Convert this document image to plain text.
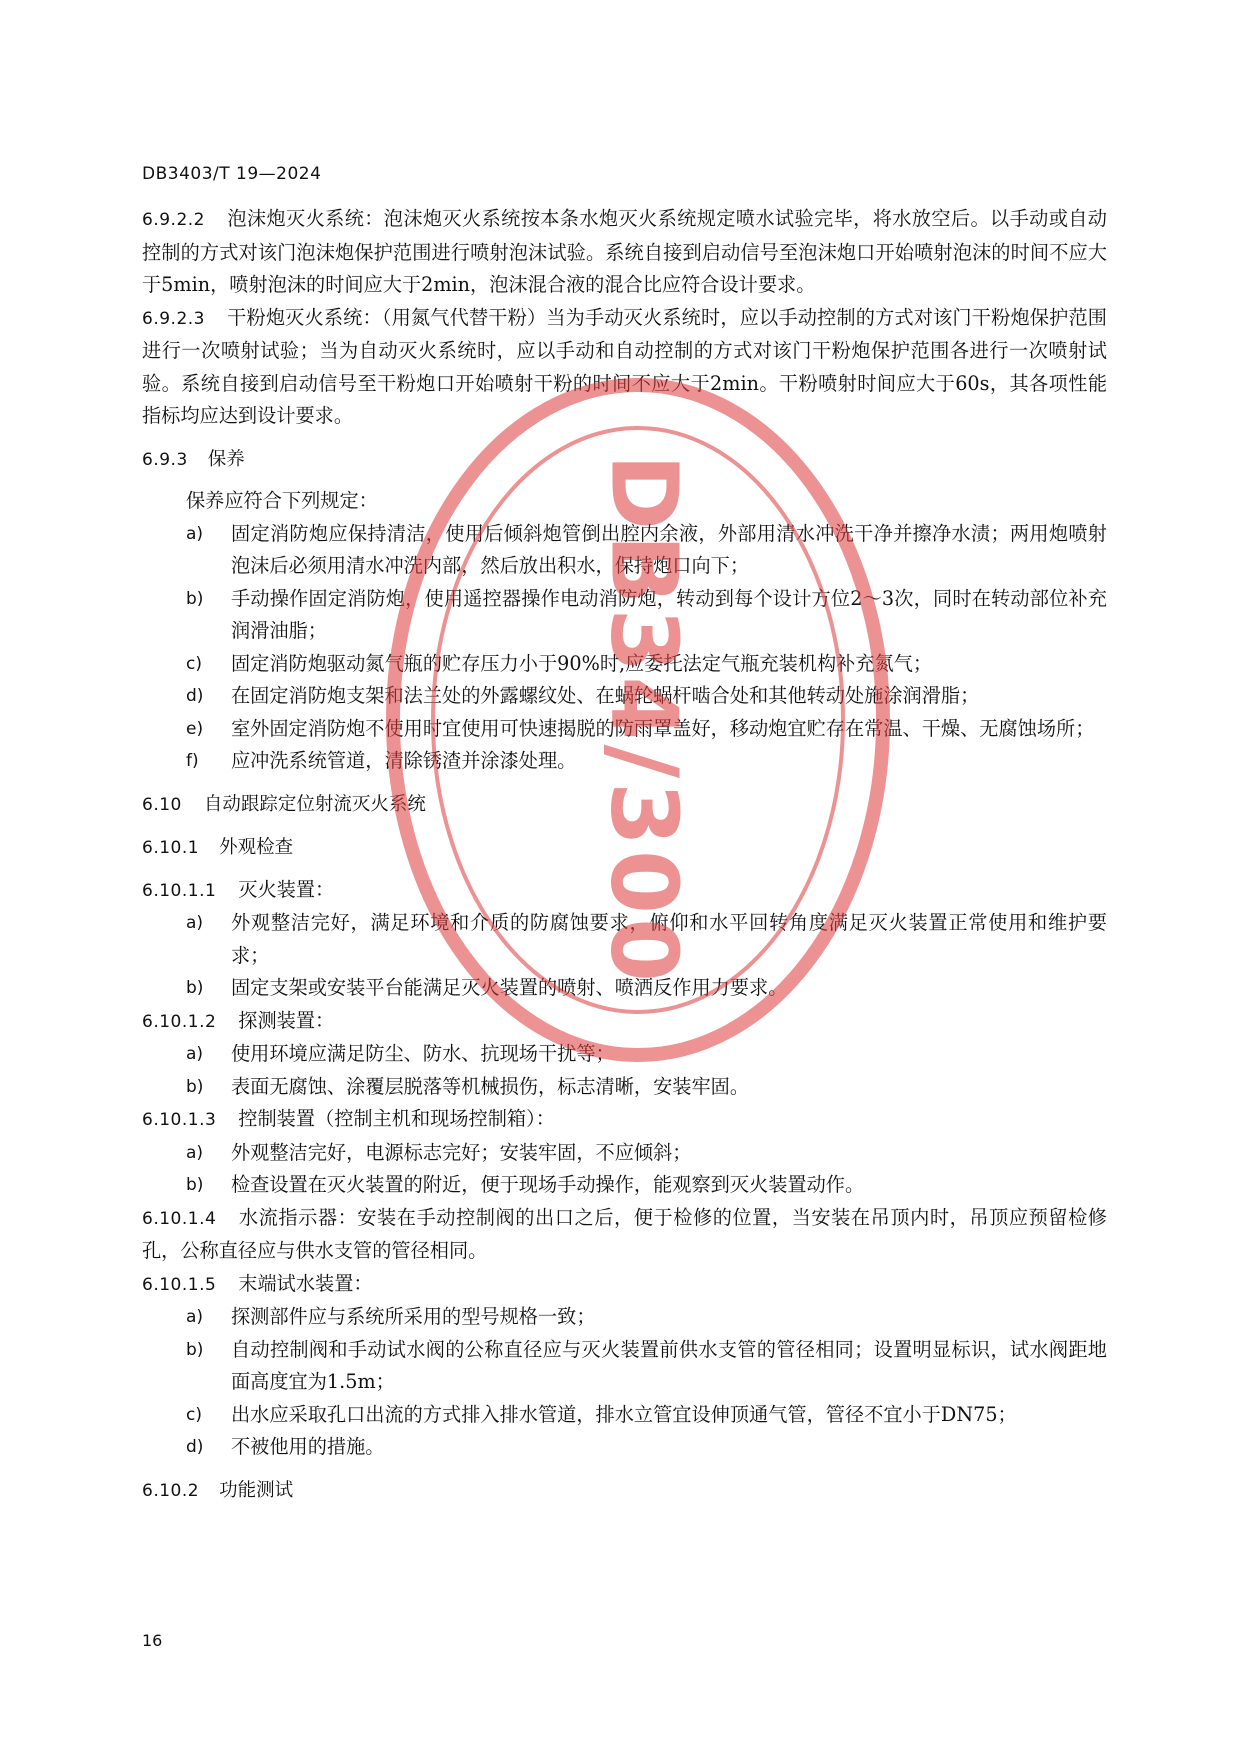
DB3403/T 19—2024

6.9.2.2 泡沫炮灭火系统：泡沫炮灭火系统按本条水炮灭火系统规定喷水试验完毕，将水放空后。以手动或自动控制的方式对该门泡沫炮保护范围进行喷射泡沫试验。系统自接到启动信号至泡沫炮口开始喷射泡沫的时间不应大于5min，喷射泡沫的时间应大于2min，泡沫混合液的混合比应符合设计要求。

6.9.2.3 干粉炮灭火系统：（用氮气代替干粉）当为手动灭火系统时，应以手动控制的方式对该门干粉炮保护范围进行一次喷射试验；当为自动灭火系统时，应以手动和自动控制的方式对该门干粉炮保护范围各进行一次喷射试验。系统自接到启动信号至干粉炮口开始喷射干粉的时间不应大于2min。干粉喷射时间应大于60s，其各项性能指标均应达到设计要求。

6.9.3 保养

保养应符合下列规定：

a)	固定消防炮应保持清洁，使用后倾斜炮管倒出腔内余液，外部用清水冲洗干净并擦净水渍；两用炮喷射泡沫后必须用清水冲洗内部，然后放出积水，保持炮口向下；
b)	手动操作固定消防炮，使用遥控器操作电动消防炮，转动到每个设计方位2～3次，同时在转动部位补充润滑油脂；
c)	固定消防炮驱动氮气瓶的贮存压力小于90%时,应委托法定气瓶充装机构补充氮气；
d)	在固定消防炮支架和法兰处的外露螺纹处、在蜗轮蜗杆啮合处和其他转动处施涂润滑脂；
e)	室外固定消防炮不使用时宜使用可快速揭脱的防雨罩盖好，移动炮宜贮存在常温、干燥、无腐蚀场所；
f)	应冲洗系统管道，清除锈渣并涂漆处理。

6.10 自动跟踪定位射流灭火系统

6.10.1 外观检查

6.10.1.1 灭火装置：

a)	外观整洁完好，满足环境和介质的防腐蚀要求，俯仰和水平回转角度满足灭火装置正常使用和维护要求；
b)	固定支架或安装平台能满足灭火装置的喷射、喷洒反作用力要求。

6.10.1.2 探测装置：

a)	使用环境应满足防尘、防水、抗现场干扰等；
b)	表面无腐蚀、涂覆层脱落等机械损伤，标志清晰，安装牢固。

6.10.1.3 控制装置（控制主机和现场控制箱）：

a)	外观整洁完好，电源标志完好；安装牢固，不应倾斜；
b)	检查设置在灭火装置的附近，便于现场手动操作，能观察到灭火装置动作。

6.10.1.4 水流指示器：安装在手动控制阀的出口之后，便于检修的位置，当安装在吊顶内时，吊顶应预留检修孔，公称直径应与供水支管的管径相同。

6.10.1.5 末端试水装置：

a)	探测部件应与系统所采用的型号规格一致；
b)	自动控制阀和手动试水阀的公称直径应与灭火装置前供水支管的管径相同；设置明显标识，试水阀距地面高度宜为1.5m；
c)	出水应采取孔口出流的方式排入排水管道，排水立管宜设伸顶通气管，管径不宜小于DN75；
d)	不被他用的措施。

6.10.2 功能测试

16
DB34/300
